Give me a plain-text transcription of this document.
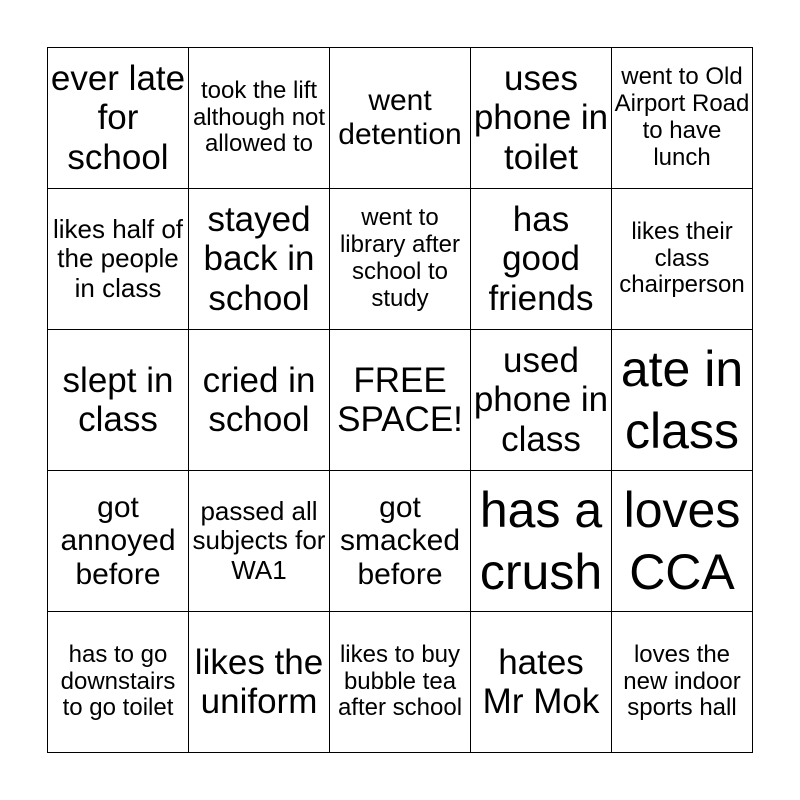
ever late for school
took the lift although not allowed to
went detention
uses phone in toilet
went to Old Airport Road to have lunch
likes half of the people in class
stayed back in school
went to library after school to study
has good friends
likes their class chairperson
slept in class
cried in school
FREE SPACE!
used phone in class
ate in class
got annoyed before
passed all subjects for WA1
got smacked before
has a crush
loves CCA
has to go downstairs to go toilet
likes the uniform
likes to buy bubble tea after school
hates Mr Mok
loves the new indoor sports hall
